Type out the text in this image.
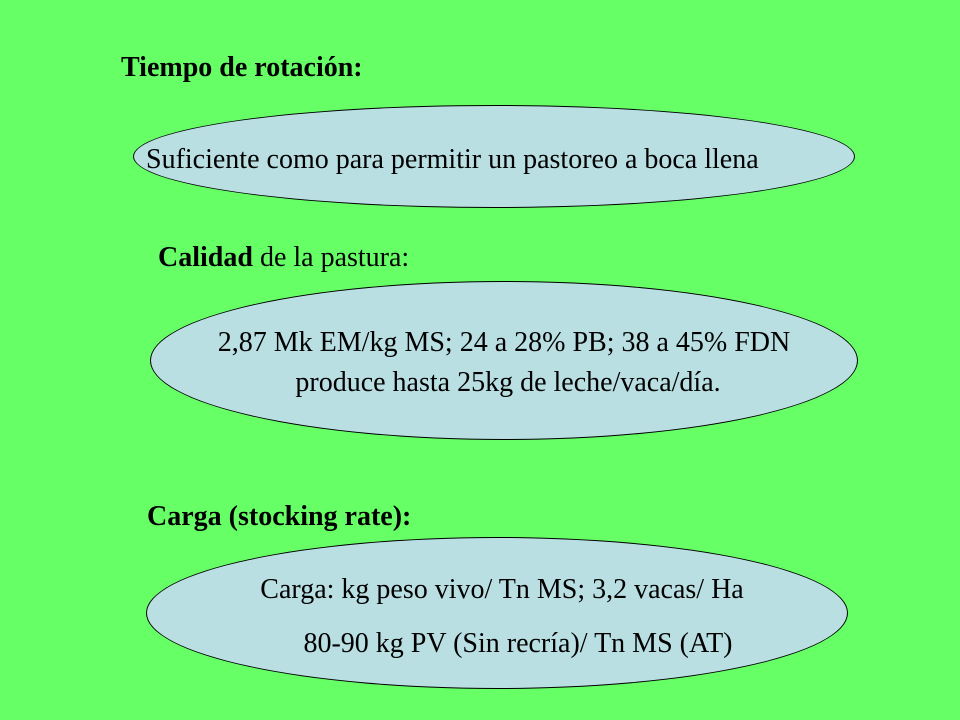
Tiempo de rotación:
Suficiente como para permitir un pastoreo a boca llena
Calidad de la pastura:
2,87 Mk EM/kg MS; 24 a 28% PB; 38 a 45% FDN
produce hasta 25kg de leche/vaca/día.
Carga (stocking rate):
Carga: kg peso vivo/ Tn MS; 3,2 vacas/ Ha
80-90 kg PV (Sin recría)/ Tn MS (AT)
